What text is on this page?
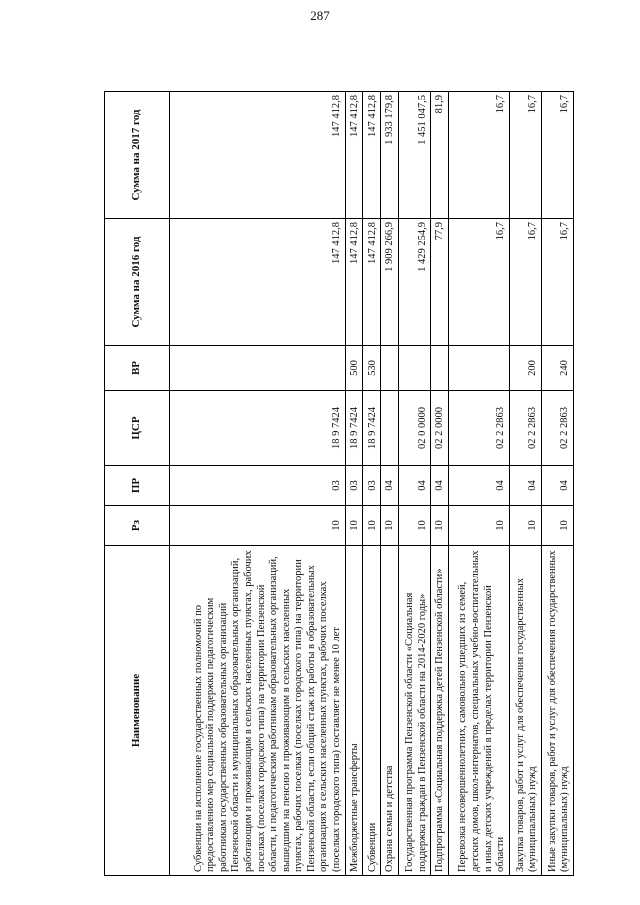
287
Наименование	Рз	ПР	ЦСР	ВР	Сумма на 2016 год	Сумма на 2017 год
Субвенции на исполнение государственных полномочий по предоставлению мер социальной поддержки педагогическим работникам государственных образовательных организаций Пензенской области и муниципальных образовательных организаций, работающим и проживающим в сельских населенных пунктах, рабочих поселках (поселках городского типа) на территории Пензенской области, и педагогическим работникам образовательных организаций, вышедшим на пенсию и проживающим в сельских населенных пунктах, рабочих поселках (поселках городского типа) на территории Пензенской области, если общий стаж их работы в образовательных организациях в сельских населенных пунктах, рабочих поселках (поселках городского типа) составляет не менее 10 лет	10	03	18 9 7424		147 412,8	147 412,8
Межбюджетные трансферты	10	03	18 9 7424	500	147 412,8	147 412,8
Субвенции	10	03	18 9 7424	530	147 412,8	147 412,8
Охрана семьи и детства	10	04			1 909 266,9	1 933 179,8
Государственная программа Пензенской области «Социальная поддержка граждан в Пензенской области на 2014-2020 годы»	10	04	02 0 0000		1 429 254,9	1 451 047,5
Подпрограмма «Социальная поддержка детей Пензенской области»	10	04	02 2 0000		77,9	81,9
Перевозка несовершеннолетних, самовольно ушедших из семей, детских домов, школ-интернатов, специальных учебно-воспитательных и иных детских учреждений в пределах территории Пензенской области	10	04	02 2 2863		16,7	16,7
Закупка товаров, работ и услуг для обеспечения государственных (муниципальных) нужд	10	04	02 2 2863	200	16,7	16,7
Иные закупки товаров, работ и услуг для обеспечения государственных (муниципальных) нужд	10	04	02 2 2863	240	16,7	16,7
